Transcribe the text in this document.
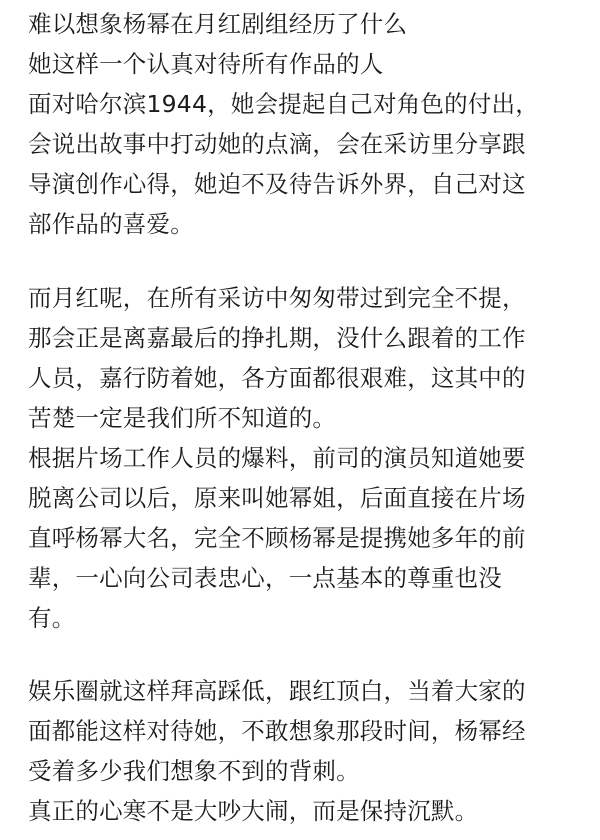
难以想象杨幂在月红剧组经历了什么
她这样一个认真对待所有作品的人
面对哈尔滨1944，她会提起自己对角色的付出，
会说出故事中打动她的点滴，会在采访里分享跟
导演创作心得，她迫不及待告诉外界，自己对这
部作品的喜爱。
而月红呢，在所有采访中匆匆带过到完全不提，
那会正是离嘉最后的挣扎期，没什么跟着的工作
人员，嘉行防着她，各方面都很艰难，这其中的
苦楚一定是我们所不知道的。
根据片场工作人员的爆料，前司的演员知道她要
脱离公司以后，原来叫她幂姐，后面直接在片场
直呼杨幂大名，完全不顾杨幂是提携她多年的前
辈，一心向公司表忠心，一点基本的尊重也没
有。
娱乐圈就这样拜高踩低，跟红顶白，当着大家的
面都能这样对待她，不敢想象那段时间，杨幂经
受着多少我们想象不到的背刺。
真正的心寒不是大吵大闹，而是保持沉默。
